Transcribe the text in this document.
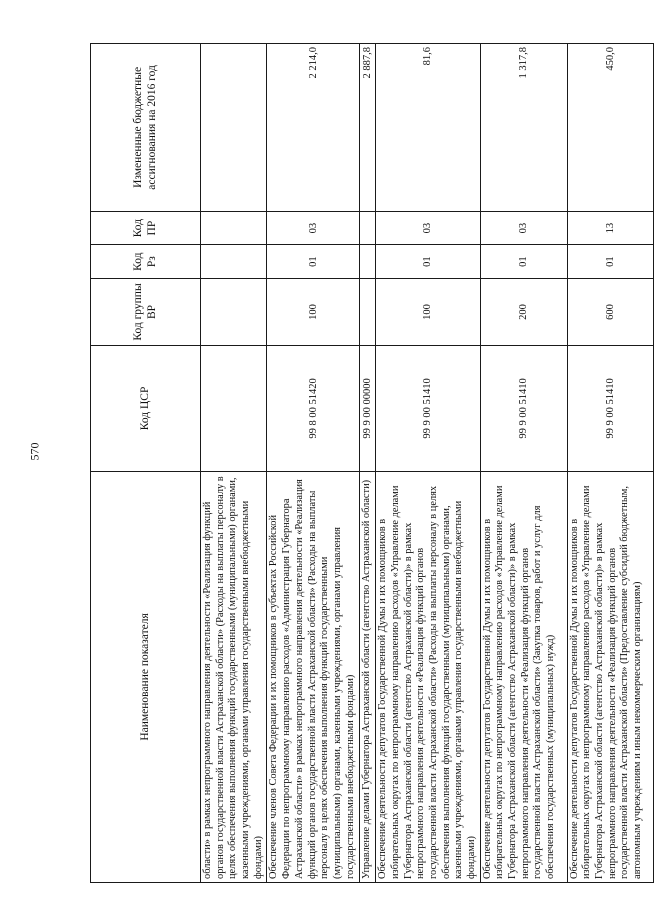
570
Наименование показателя	Код ЦСР	Код группы ВР	Код Рз	Код ПР	Измененные бюджетные ассигнования на 2016 год
области» в рамках непрограммного направления деятельности «Реализация функций органов государственной власти Астраханской области» (Расходы на выплаты персоналу в целях обеспечения выполнения функций государственными (муниципальными) органами, казенными учреждениями, органами управления государственными внебюджетными фондами)					
Обеспечение членов Совета Федерации и их помощников в субъектах Российской Федерации по непрограммному направлению расходов «Администрация Губернатора Астраханской области» в рамках непрограммного направления деятельности «Реализация функций органов государственной власти Астраханской области» (Расходы на выплаты персоналу в целях обеспечения выполнения функций государственными (муниципальными) органами, казенными учреждениями, органами управления государственными внебюджетными фондами)	99 8 00 51420	100	01	03	2 214,0
Управление делами Губернатора Астраханской области (агентство Астраханской области)	99 9 00 00000				2 887,8
Обеспечение деятельности депутатов Государственной Думы и их помощников в избирательных округах по непрограммному направлению расходов «Управление делами Губернатора Астраханской области (агентство Астраханской области)» в рамках непрограммного направления деятельности «Реализация функций органов государственной власти Астраханской области» (Расходы на выплаты персоналу в целях обеспечения выполнения функций государственными (муниципальными) органами, казенными учреждениями, органами управления государственными внебюджетными фондами)	99 9 00 51410	100	01	03	81,6
Обеспечение деятельности депутатов Государственной Думы и их помощников в избирательных округах по непрограммному направлению расходов «Управление делами Губернатора Астраханской области (агентство Астраханской области)» в рамках непрограммного направления деятельности «Реализация функций органов государственной власти Астраханской области» (Закупка товаров, работ и услуг для обеспечения государственных (муниципальных) нужд)	99 9 00 51410	200	01	03	1 317,8
Обеспечение деятельности депутатов Государственной Думы и их помощников в избирательных округах по непрограммному направлению расходов «Управление делами Губернатора Астраханской области (агентство Астраханской области)» в рамках непрограммного направления деятельности «Реализация функций органов государственной власти Астраханской области» (Предоставление субсидий бюджетным, автономным учреждениям и иным некоммерческим организациям)	99 9 00 51410	600	01	13	450,0
